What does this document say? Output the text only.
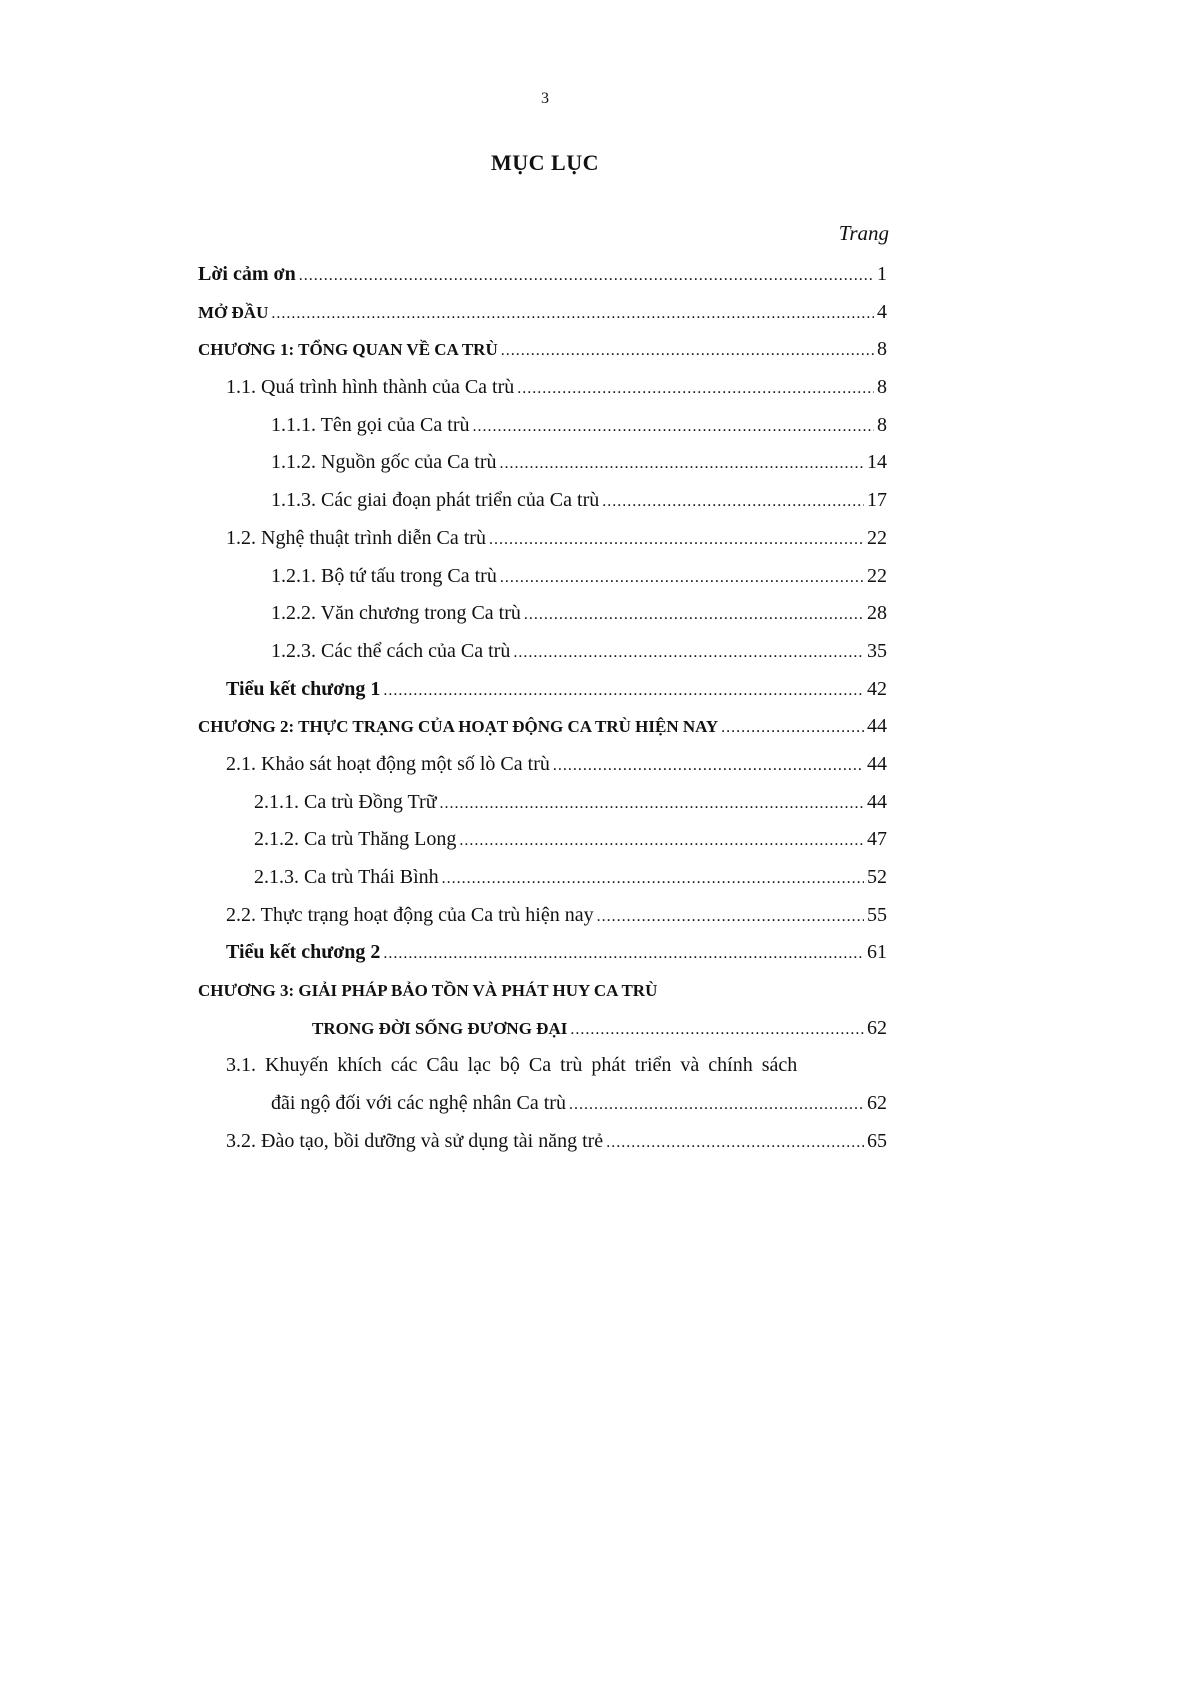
3
MỤC LỤC
Trang
Lời cảm ơn .....	1
MỞ ĐẦU .....	4
CHƯƠNG 1: TỔNG QUAN VỀ CA TRÙ .....	8
1.1. Quá trình hình thành của Ca trù .....	8
1.1.1. Tên gọi của Ca trù .....	8
1.1.2. Nguồn gốc của Ca trù .....	14
1.1.3. Các giai đoạn phát triển của Ca trù .....	17
1.2. Nghệ thuật trình diễn Ca trù .....	22
1.2.1. Bộ tứ tấu trong Ca trù .....	22
1.2.2. Văn chương trong Ca trù .....	28
1.2.3. Các thể cách của Ca trù .....	35
Tiểu kết chương 1 .....	42
CHƯƠNG 2: THỰC TRẠNG CỦA HOẠT ĐỘNG CA TRÙ HIỆN NAY .....	44
2.1. Khảo sát hoạt động một số lò Ca trù .....	44
2.1.1. Ca trù Đồng Trữ .....	44
2.1.2. Ca trù Thăng Long .....	47
2.1.3. Ca trù Thái Bình .....	52
2.2. Thực trạng hoạt động của Ca trù hiện nay .....	55
Tiểu kết chương 2 .....	61
CHƯƠNG 3: GIẢI PHÁP BẢO TỒN VÀ PHÁT HUY CA TRÙ
TRONG ĐỜI SỐNG ĐƯƠNG ĐẠI .....	62
3.1. Khuyến khích các Câu lạc bộ Ca trù phát triển và chính sách
đãi ngộ đối với các nghệ nhân Ca trù .....	62
3.2. Đào tạo, bồi dưỡng và sử dụng tài năng trẻ .....	65
